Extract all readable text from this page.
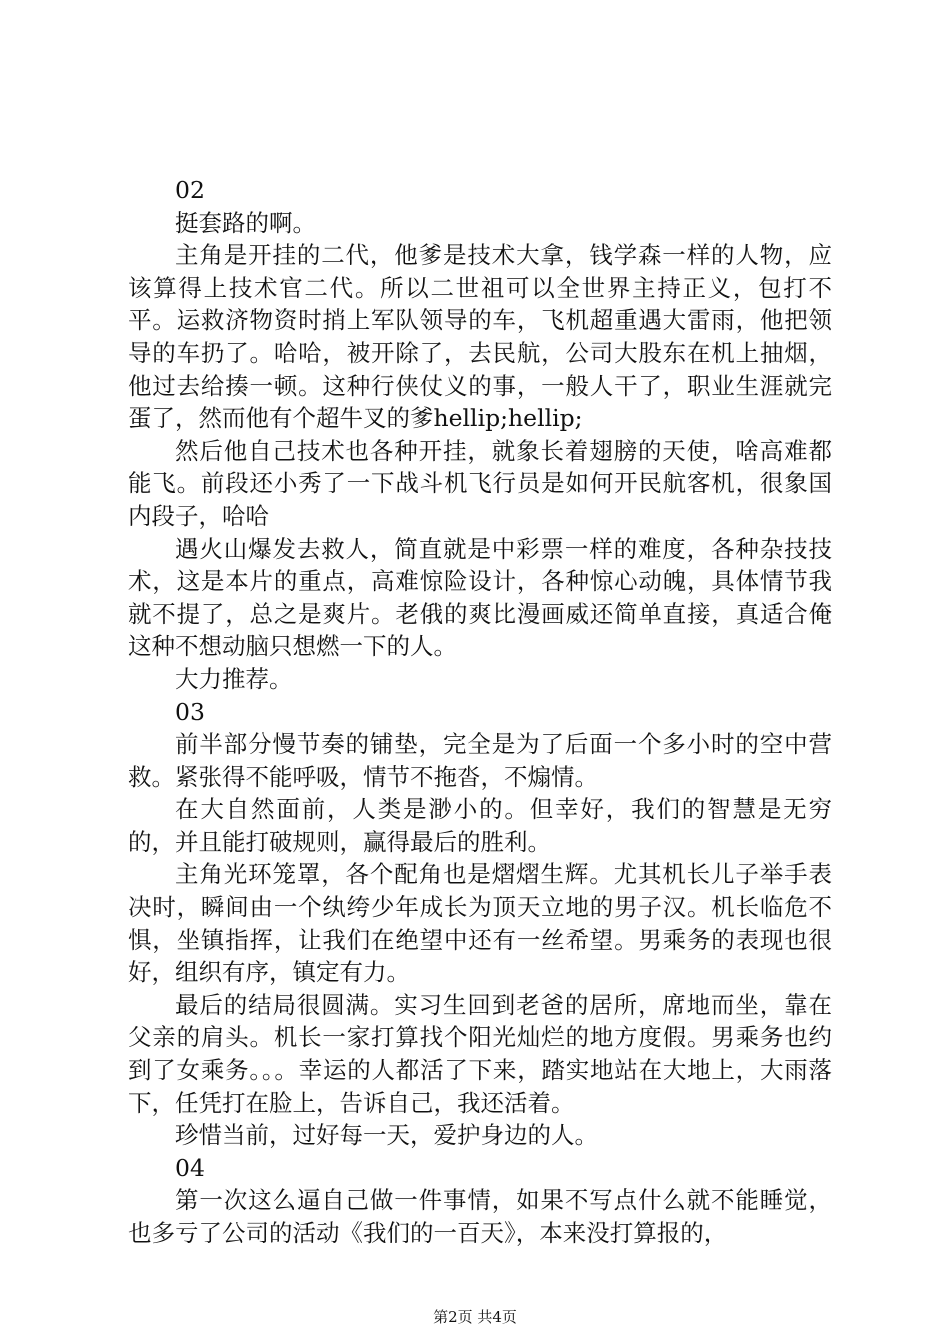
02

挺套路的啊。

主角是开挂的二代，他爹是技术大拿，钱学森一样的人物，应该算得上技术官二代。所以二世祖可以全世界主持正义，包打不平。运救济物资时捎上军队领导的车，飞机超重遇大雷雨，他把领导的车扔了。哈哈，被开除了，去民航，公司大股东在机上抽烟，他过去给揍一顿。这种行侠仗义的事，一般人干了，职业生涯就完蛋了，然而他有个超牛叉的爹hellip;hellip;

然后他自己技术也各种开挂，就象长着翅膀的天使，啥高难都能飞。前段还小秀了一下战斗机飞行员是如何开民航客机，很象国内段子，哈哈

遇火山爆发去救人，简直就是中彩票一样的难度，各种杂技技术，这是本片的重点，高难惊险设计，各种惊心动魄，具体情节我就不提了，总之是爽片。老俄的爽比漫画威还简单直接，真适合俺这种不想动脑只想燃一下的人。

大力推荐。

03

前半部分慢节奏的铺垫，完全是为了后面一个多小时的空中营救。紧张得不能呼吸，情节不拖沓，不煽情。

在大自然面前，人类是渺小的。但幸好，我们的智慧是无穷的，并且能打破规则，赢得最后的胜利。

主角光环笼罩，各个配角也是熠熠生辉。尤其机长儿子举手表决时，瞬间由一个纨绔少年成长为顶天立地的男子汉。机长临危不惧，坐镇指挥，让我们在绝望中还有一丝希望。男乘务的表现也很好，组织有序，镇定有力。

最后的结局很圆满。实习生回到老爸的居所，席地而坐，靠在父亲的肩头。机长一家打算找个阳光灿烂的地方度假。男乘务也约到了女乘务。。。幸运的人都活了下来，踏实地站在大地上，大雨落下，任凭打在脸上，告诉自己，我还活着。

珍惜当前，过好每一天，爱护身边的人。

04

第一次这么逼自己做一件事情，如果不写点什么就不能睡觉，也多亏了公司的活动《我们的一百天》，本来没打算报的，

第2页 共4页
